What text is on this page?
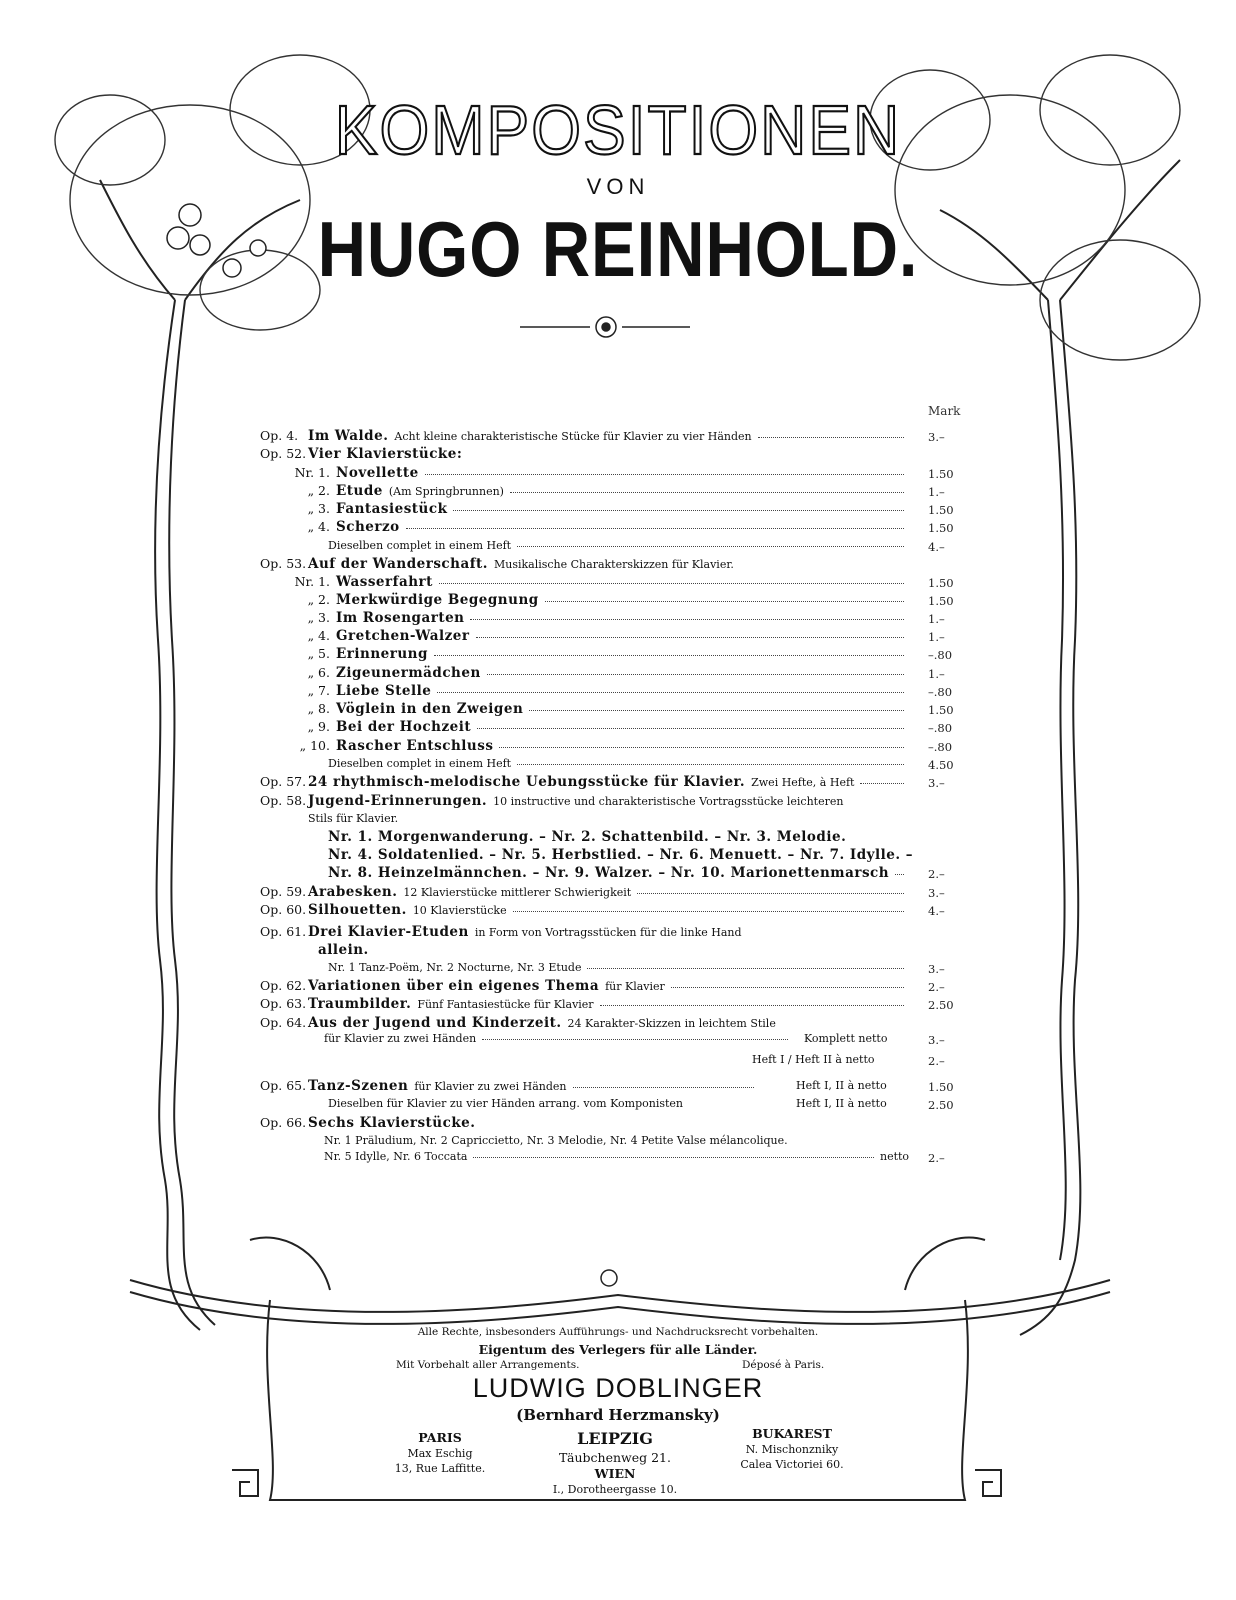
KOMPOSITIONEN
VON
HUGO REINHOLD.
Mark
Op. 4. Im Walde. Acht kleine charakteristische Stücke für Klavier zu vier Händen	3.–
Op. 52. Vier Klavierstücke:
Nr. 1. Novellette	1.50
„ 2. Etude (Am Springbrunnen)	1.–
„ 3. Fantasiestück	1.50
„ 4. Scherzo	1.50
Dieselben complet in einem Heft	4.–
Op. 53. Auf der Wanderschaft. Musikalische Charakterskizzen für Klavier.
Nr. 1. Wasserfahrt	1.50
„ 2. Merkwürdige Begegnung	1.50
„ 3. Im Rosengarten	1.–
„ 4. Gretchen-Walzer	1.–
„ 5. Erinnerung	–.80
„ 6. Zigeunermädchen	1.–
„ 7. Liebe Stelle	–.80
„ 8. Vöglein in den Zweigen	1.50
„ 9. Bei der Hochzeit	–.80
„ 10. Rascher Entschluss	–.80
Dieselben complet in einem Heft	4.50
Op. 57. 24 rhythmisch-melodische Uebungsstücke für Klavier. Zwei Hefte, à Heft	3.–
Op. 58. Jugend-Erinnerungen. 10 instructive und charakteristische Vortragsstücke leichteren
Stils für Klavier.
Nr. 1. Morgenwanderung. – Nr. 2. Schattenbild. – Nr. 3. Melodie.
Nr. 4. Soldatenlied. – Nr. 5. Herbstlied. – Nr. 6. Menuett. – Nr. 7. Idylle. –
Nr. 8. Heinzelmännchen. – Nr. 9. Walzer. – Nr. 10. Marionettenmarsch	2.–
Op. 59. Arabesken. 12 Klavierstücke mittlerer Schwierigkeit	3.–
Op. 60. Silhouetten. 10 Klavierstücke	4.–
Op. 61. Drei Klavier-Etuden in Form von Vortragsstücken für die linke Hand
allein.
Nr. 1 Tanz-Poëm, Nr. 2 Nocturne, Nr. 3 Etude	3.–
Op. 62. Variationen über ein eigenes Thema für Klavier	2.–
Op. 63. Traumbilder. Fünf Fantasiestücke für Klavier	2.50
Op. 64. Aus der Jugend und Kinderzeit. 24 Karakter-Skizzen in leichtem Stile
für Klavier zu zwei Händen	Komplett netto	3.–
Heft I / Heft II à netto	2.–
Op. 65. Tanz-Szenen für Klavier zu zwei Händen	Heft I, II à netto	1.50
Dieselben für Klavier zu vier Händen arrang. vom Komponisten	Heft I, II à netto	2.50
Op. 66. Sechs Klavierstücke.
Nr. 1 Präludium, Nr. 2 Capriccietto, Nr. 3 Melodie, Nr. 4 Petite Valse mélancolique.
Nr. 5 Idylle, Nr. 6 Toccata	netto 2.–
Alle Rechte, insbesonders Aufführungs- und Nachdrucksrecht vorbehalten.
Eigentum des Verlegers für alle Länder.
Mit Vorbehalt aller Arrangements.	Déposé à Paris.
LUDWIG DOBLINGER
(Bernhard Herzmansky)
PARIS
Max Eschig
13, Rue Laffitte.
LEIPZIG
Täubchenweg 21.
WIEN
I., Dorotheergasse 10.
BUKAREST
N. Mischonzniky
Calea Victoriei 60.
